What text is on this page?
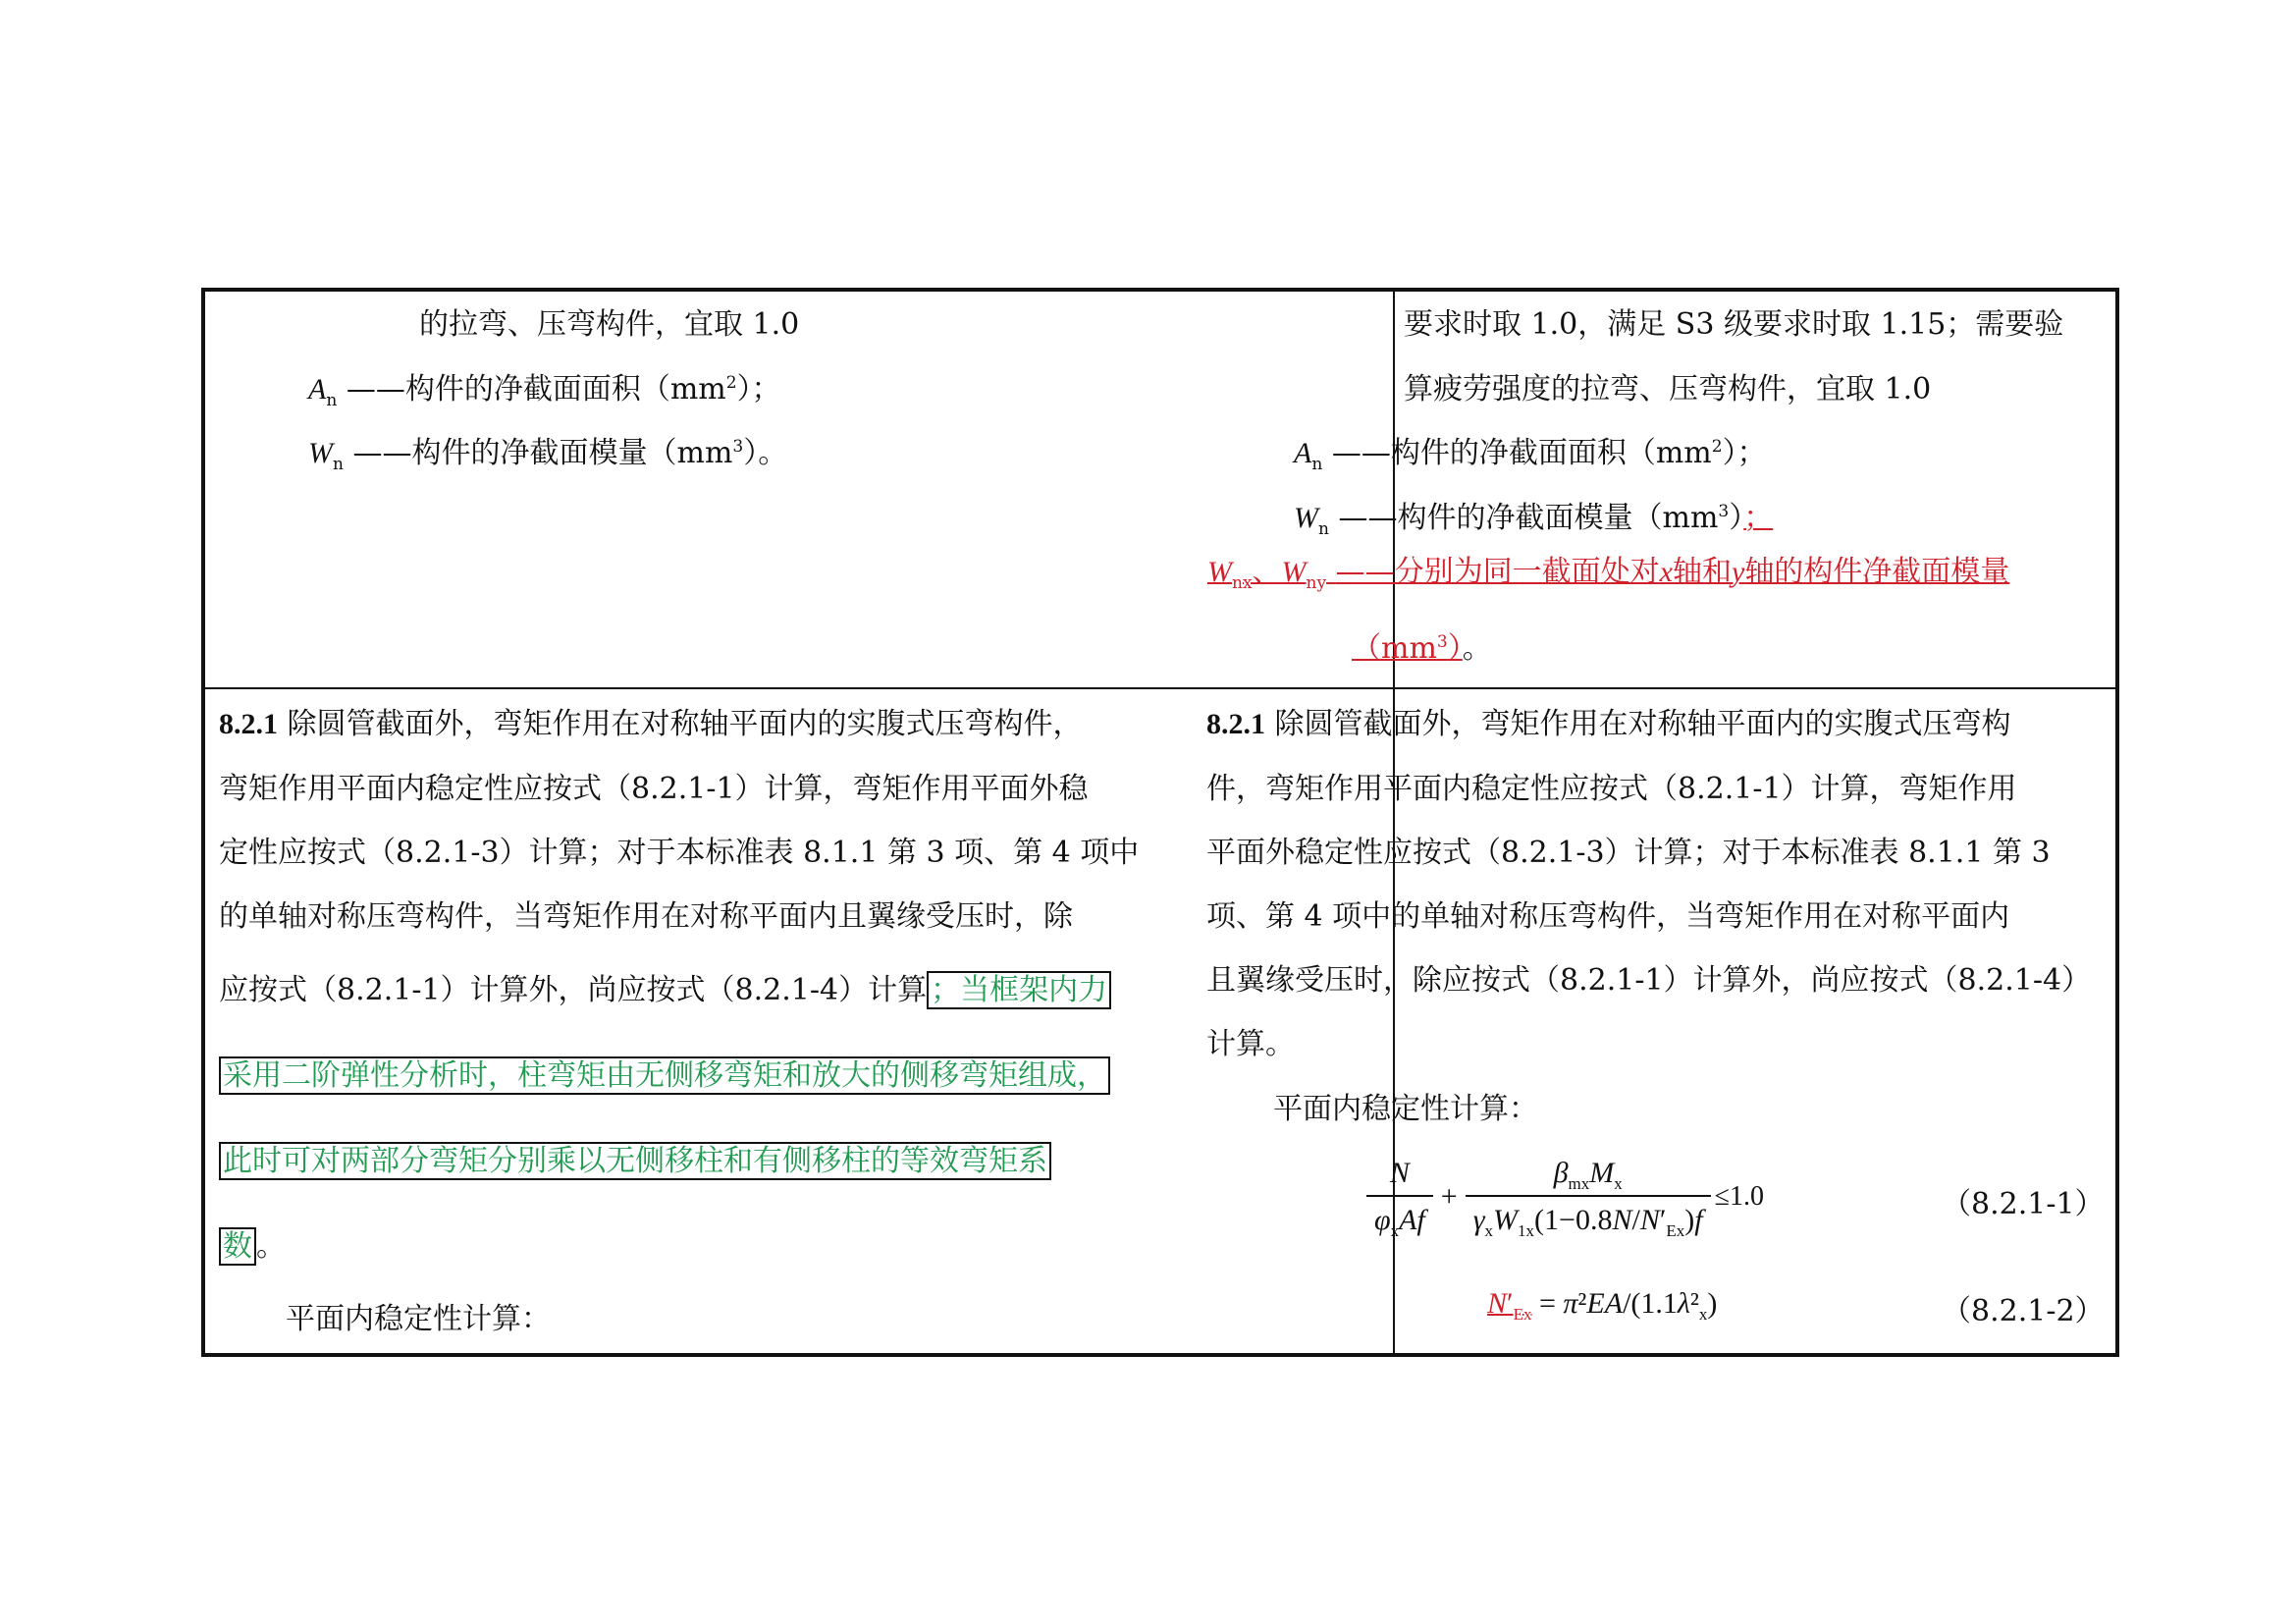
的拉弯、压弯构件，宜取 1.0
$A_n$ ——构件的净截面面积$(mm^2)$；
$W_n$ ——构件的净截面模量$(mm^3)$。
要求时取 1.0，满足 S3 级要求时取 1.15；需要验
算疲劳强度的拉弯、压弯构件，宜取 1.0
$A_n$ ——构件的净截面面积$(mm^2)$；
$W_n$ ——构件的净截面模量$(mm^3)$；
$W_{nx}$、$W_{ny}$ ——分别为同一截面处对x轴和y轴的构件净截面模量
$(mm^3)$。
8.2.1 除圆管截面外，弯矩作用在对称轴平面内的实腹式压弯构件，
弯矩作用平面内稳定性应按式（8.2.1-1）计算，弯矩作用平面外稳
定性应按式（8.2.1-3）计算；对于本标准表 8.1.1 第 3 项、第 4 项中
的单轴对称压弯构件，当弯矩作用在对称平面内且翼缘受压时，除
应按式（8.2.1-1）计算外，尚应按式（8.2.1-4）计算 ；当框架内力
采用二阶弹性分析时，柱弯矩由无侧移弯矩和放大的侧移弯矩组成，
此时可对两部分弯矩分别乘以无侧移柱和有侧移柱的等效弯矩系
数 。
平面内稳定性计算：
8.2.1 除圆管截面外，弯矩作用在对称轴平面内的实腹式压弯构
件，弯矩作用平面内稳定性应按式（8.2.1-1）计算，弯矩作用
平面外稳定性应按式（8.2.1-3）计算；对于本标准表 8.1.1 第 3
项、第 4 项中的单轴对称压弯构件，当弯矩作用在对称平面内
且翼缘受压时，除应按式（8.2.1-1）计算外，尚应按式（8.2.1-4）
计算。
平面内稳定性计算：
$\frac{N}{\varphi_xAf} + \frac{\beta_{mx}M_x}{\gamma_xW_{1x}(1-0.8N/N'_{Ex})f} \le 1.0$	（8.2.1-1）
$N'_{Ex} = \pi^2EA/(1.1\lambda^2_x)$	（8.2.1-2）
